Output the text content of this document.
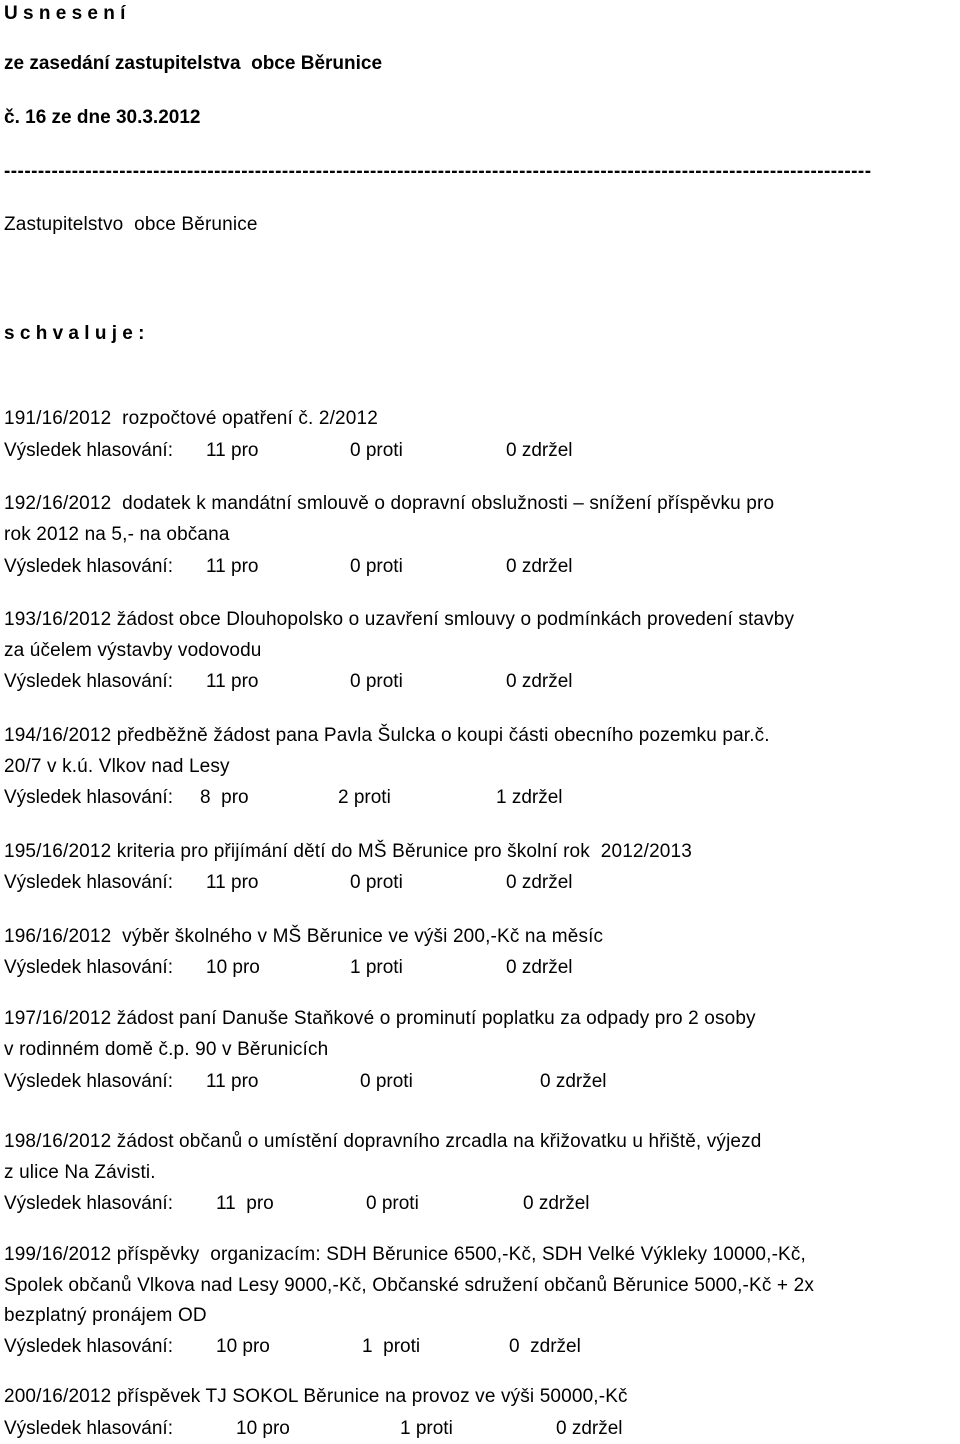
U s n e s e n í
ze zasedání zastupitelstva  obce Běrunice
č. 16 ze dne 30.3.2012
--------------------------------------------------------------------------------------------------------------------------------
Zastupitelstvo  obce Běrunice
s c h v a l u j e :
191/16/2012  rozpočtové opatření č. 2/2012
Výsledek hlasování: 11 pro	0 proti	0 zdržel
192/16/2012  dodatek k mandátní smlouvě o dopravní obslužnosti – snížení příspěvku pro
rok 2012 na 5,- na občana
Výsledek hlasování: 11 pro	0 proti	0 zdržel
193/16/2012 žádost obce Dlouhopolsko o uzavření smlouvy o podmínkách provedení stavby
za účelem výstavby vodovodu
Výsledek hlasování: 11 pro	0 proti	0 zdržel
194/16/2012 předběžně žádost pana Pavla Šulcka o koupi části obecního pozemku par.č.
20/7 v k.ú. Vlkov nad Lesy
Výsledek hlasování: 8  pro	2 proti	1 zdržel
195/16/2012 kriteria pro přijímání dětí do MŠ Běrunice pro školní rok  2012/2013
Výsledek hlasování: 11 pro	0 proti	0 zdržel
196/16/2012  výběr školného v MŠ Běrunice ve výši 200,-Kč na měsíc
Výsledek hlasování: 10 pro	1 proti	0 zdržel
197/16/2012 žádost paní Danuše Staňkové o prominutí poplatku za odpady pro 2 osoby
v rodinném domě č.p. 90 v Běrunicích
Výsledek hlasování: 11 pro	0 proti	0 zdržel
198/16/2012 žádost občanů o umístění dopravního zrcadla na křižovatku u hřiště, výjezd
z ulice Na Závisti.
Výsledek hlasování: 11  pro	0 proti	0 zdržel
199/16/2012 příspěvky  organizacím: SDH Běrunice 6500,-Kč, SDH Velké Výkleky 10000,-Kč,
Spolek občanů Vlkova nad Lesy 9000,-Kč, Občanské sdružení občanů Běrunice 5000,-Kč + 2x
bezplatný pronájem OD
Výsledek hlasování: 10 pro	1  proti	0  zdržel
200/16/2012 příspěvek TJ SOKOL Běrunice na provoz ve výši 50000,-Kč
Výsledek hlasování:	10 pro	1 proti	0 zdržel
